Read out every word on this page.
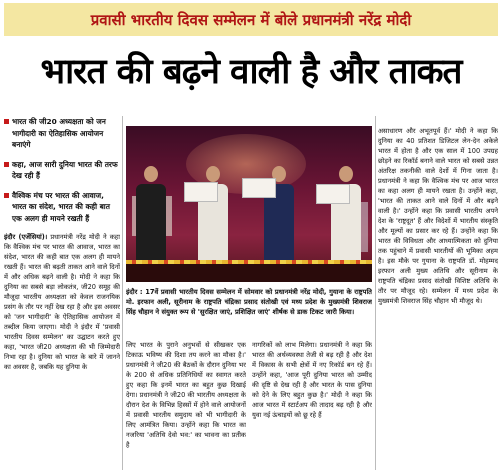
प्रवासी भारतीय दिवस सम्मेलन में बोले प्रधानमंत्री नरेंद्र मोदी
भारत की बढ़ने वाली है और ताकत
भारत की जी20 अध्यक्षता को जन भागीदारी का ऐतिहासिक आयोजन बनाएंगे
कहा, आज सारी दुनिया भारत की तरफ देख रही हैं
वैश्विक मंच पर भारत की आवाज, भारत का संदेश, भारत की कही बात एक अलग ही मायने रखती हैं
इंदौर (एजेंसियां)। प्रधानमंत्री नरेंद्र मोदी ने कहा कि वैश्विक मंच पर भारत की आवाज, भारत का संदेश, भारत की कही बात एक अलग ही मायने रखती हैं। भारत की बढ़ती ताकत आने वाले दिनों में और अधिक बढ़ने वाली है। मोदी ने कहा कि दुनिया का सबसे बड़ा लोकतंत्र, जी20 समूह की मौजूदा भारतीय अध्यक्षता को केवल राजनयिक प्रसंग के तौर पर नहीं देख रहा है और इस अवसर को 'जन भागीदारी' के ऐतिहासिक आयोजन में तब्दील किया जाएगा। मोदी ने इंदौर में 'प्रवासी भारतीय दिवस सम्मेलन' का उद्घाटन करते हुए कहा, 'भारत जी20 अध्यक्षता की भी जिम्मेदारी निभा रहा है। दुनिया को भारत के बारे में जानने का अवसर है, जबकि यह दुनिया के
इंदौर : 17वें प्रवासी भारतीय दिवस सम्मेलन में सोमवार को प्रधानमंत्री नरेंद्र मोदी, गुयाना के राष्ट्रपति मो. इरफान अली, सूरीनाम के राष्ट्रपति चंद्रिका प्रसाद संतोखी एवं मध्य प्रदेश के मुख्यमंत्री शिवराज सिंह चौहान ने संयुक्त रूप से 'सुरक्षित जाएं, प्रशिक्षित जाएं' शीर्षक से डाक टिकट जारी किया।
लिए भारत के पुराने अनुभवों से सीखकर एक टिकाऊ भविष्य की दिशा तय करने का मौका है।' प्रधानमंत्री ने जी20 की बैठकों के दौरान दुनिया भर के 200 से अधिक प्रतिनिधियों का स्वागत करते हुए कहा कि इनमें भारत का बहुत कुछ दिखाई देगा। प्रधानमंत्री ने जी20 की भारतीय अध्यक्षता के दौरान देश के विभिन्न हिस्सों में होने वाले आयोजनों में प्रवासी भारतीय समुदाय को भी भागीदारी के लिए आमंत्रित किया। उन्होंने कहा कि भारत का नजरिया 'अतिथि देवो भव:' का भावना का प्रतीक है
नागरिकों को लाभ मिलेगा। प्रधानमंत्री ने कहा कि भारत की अर्थव्यवस्था तेजी से बढ़ रही है और देश में विकास के सभी क्षेत्रों में नए रिकॉर्ड बन रहे हैं। उन्होंने कहा, 'आज पूरी दुनिया भारत को उम्मीद की दृष्टि से देख रही है और भारत के पास दुनिया को देने के लिए बहुत कुछ है।' मोदी ने कहा कि आज भारत में स्टार्टअप की तादाद बढ़ रही है और युवा नई ऊंचाइयों को छू रहे हैं
असाधारण और अभूतपूर्व हैं।' मोदी ने कहा कि दुनिया का 40 प्रतिशत डिजिटल लेन-देन अकेले भारत में होता है और एक साल में 100 उपग्रह छोड़ने का रिकॉर्ड बनाने वाले भारत को सबसे उन्नत अंतरिक्ष तकनीकी वाले देशों में गिना जाता है। प्रधानमंत्री ने कहा कि वैश्विक मंच पर आज भारत का कहा अलग ही मायने रखता है। उन्होंने कहा, 'भारत की ताकत आने वाले दिनों में और बढ़ने वाली है।' उन्होंने कहा कि प्रवासी भारतीय अपने देश के 'राष्ट्रदूत' हैं और विदेशों में भारतीय संस्कृति और मूल्यों का प्रसार कर रहे हैं। उन्होंने कहा कि भारत की विविधता और आध्यात्मिकता को दुनिया तक पहुंचाने में प्रवासी भारतीयों की भूमिका अहम है। इस मौके पर गुयाना के राष्ट्रपति डॉ. मोहम्मद इरफान अली मुख्य अतिथि और सूरीनाम के राष्ट्रपति चंद्रिका प्रसाद संतोखी विशिष्ट अतिथि के तौर पर मौजूद रहे। सम्मेलन में मध्य प्रदेश के मुख्यमंत्री शिवराज सिंह चौहान भी मौजूद थे।
